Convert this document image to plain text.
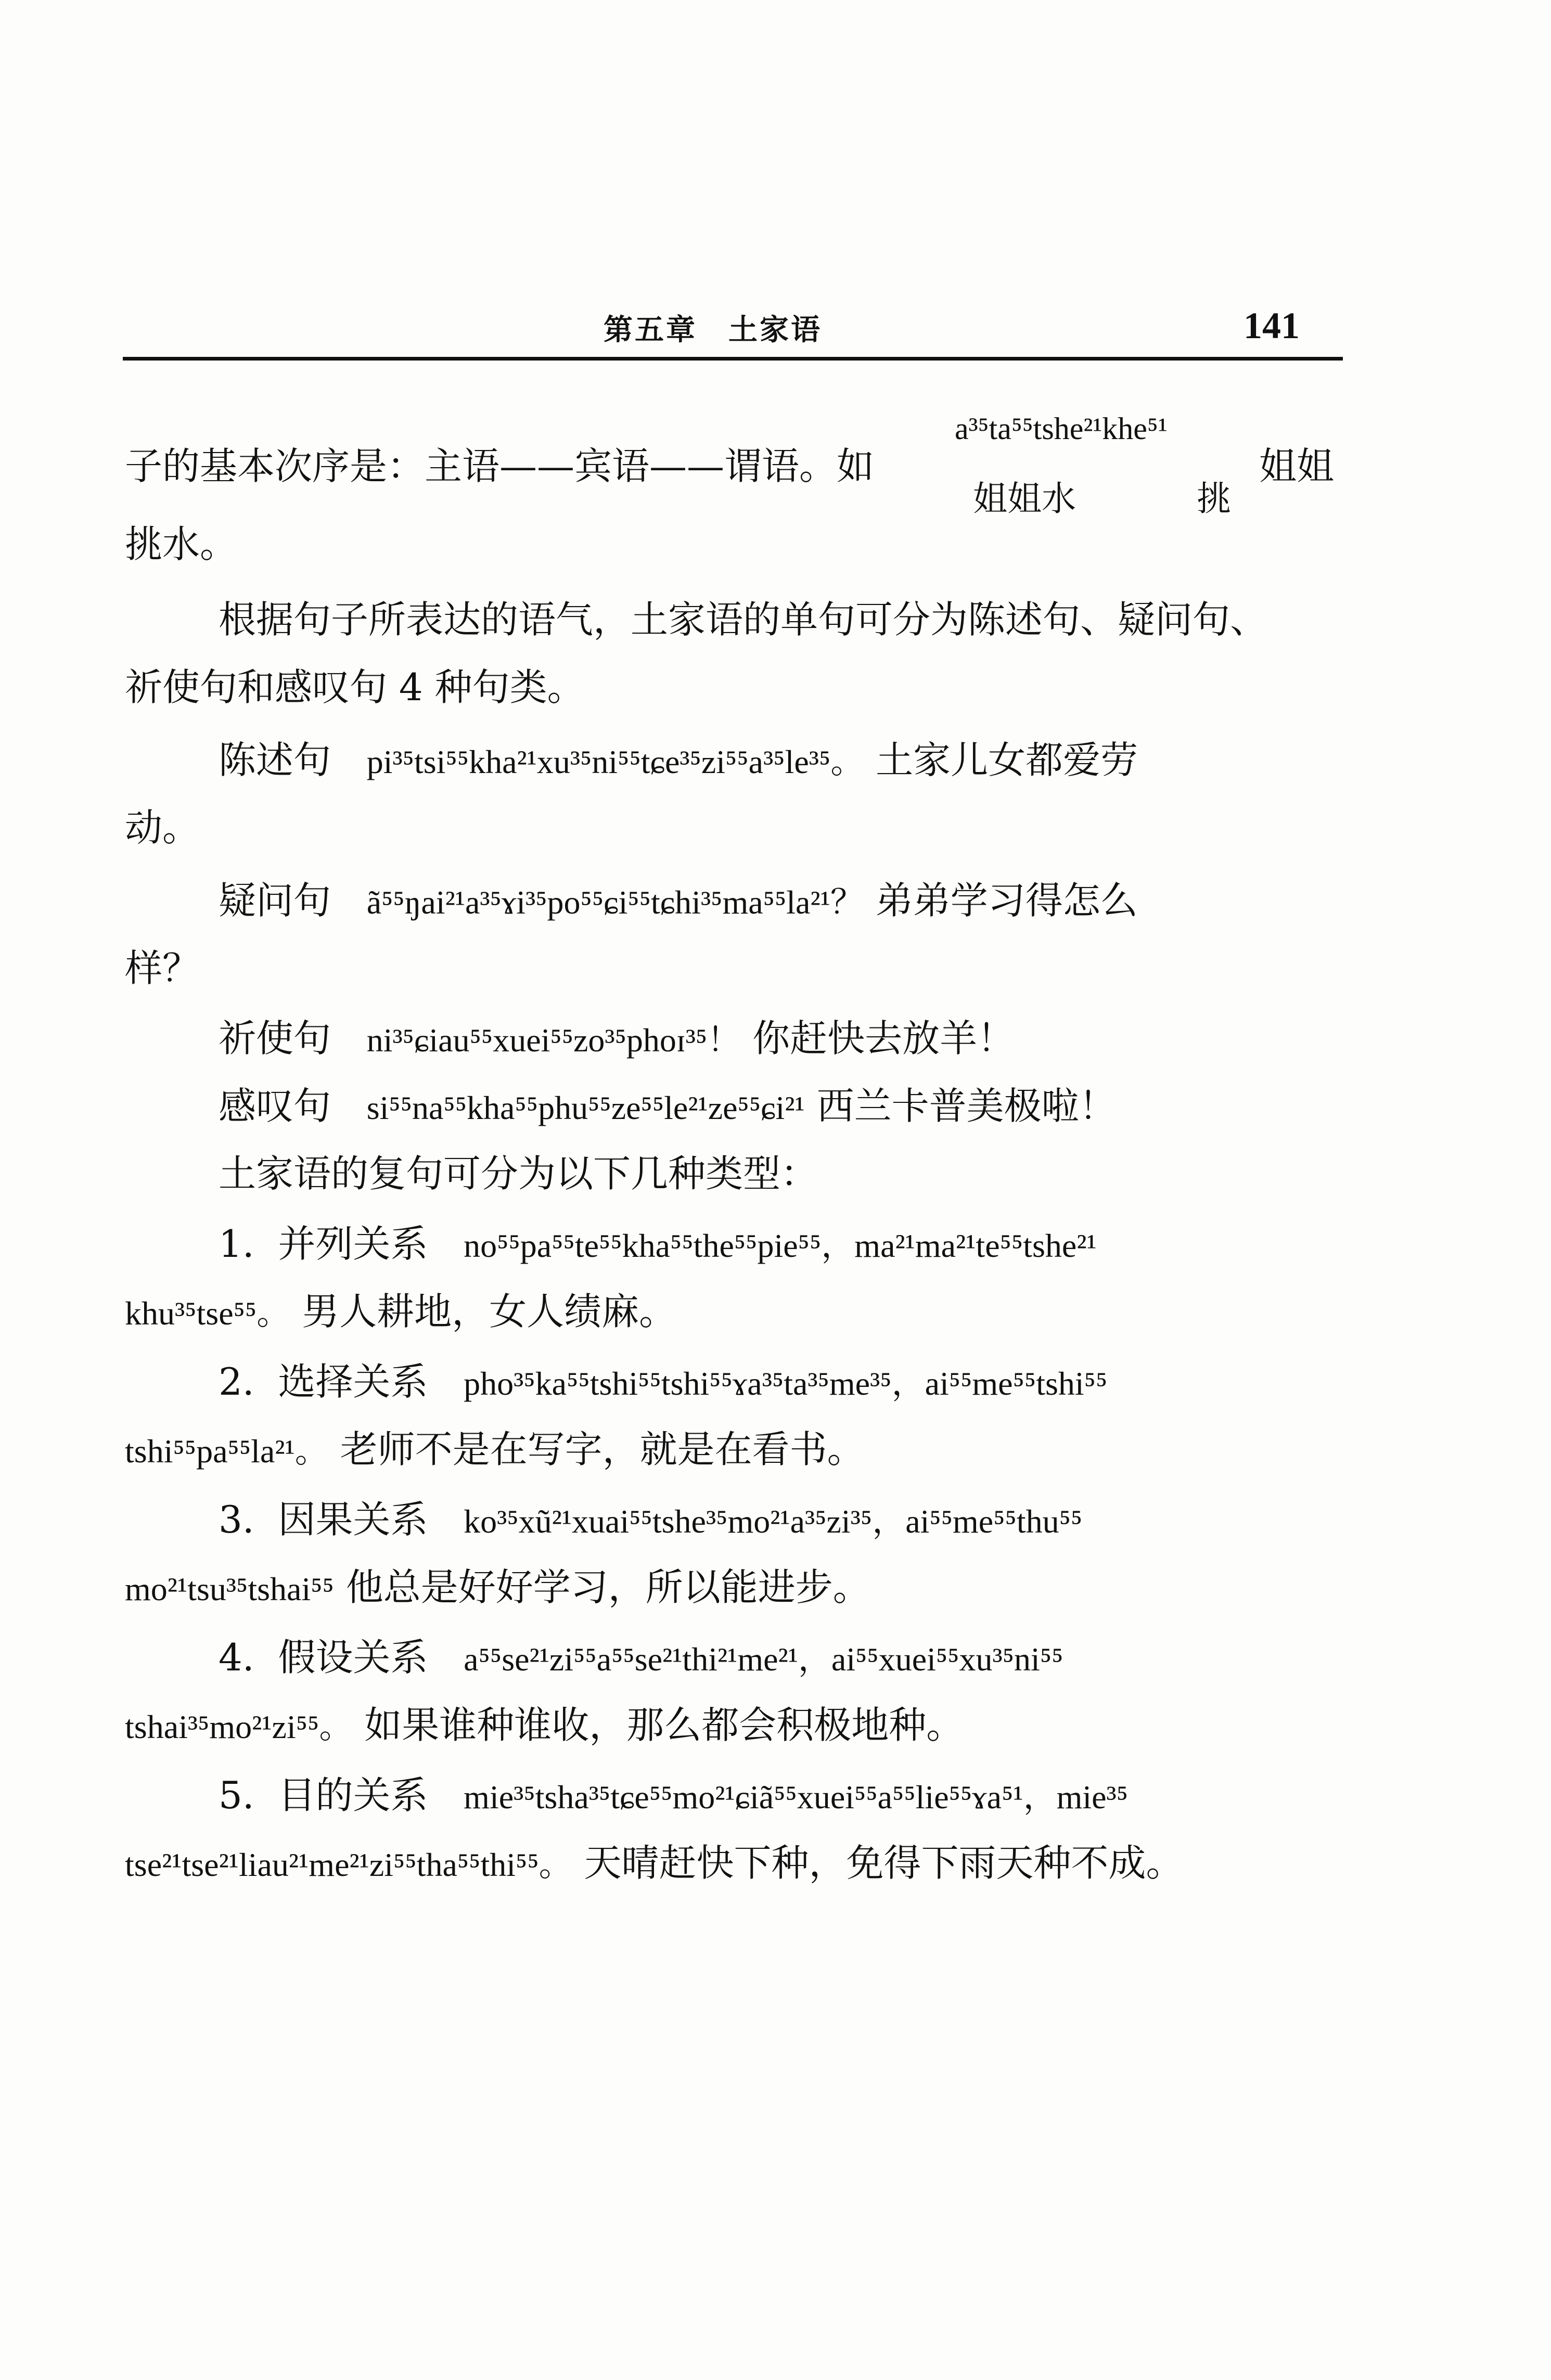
第五章　土家语	141
子的基本次序是：主语——宾语——谓语。如
a³⁵ta⁵⁵tshe²¹khe⁵¹
姐姐水	挑
姐姐
挑水。
根据句子所表达的语气，土家语的单句可分为陈述句、疑问句、
祈使句和感叹句 4 种句类。
陈述句 pi³⁵tsi⁵⁵kha²¹xu³⁵ni⁵⁵tɕe³⁵zi⁵⁵a³⁵le³⁵。 土家儿女都爱劳
动。
疑问句 ã⁵⁵ŋai²¹a³⁵ɤi³⁵po⁵⁵ɕi⁵⁵tɕhi³⁵ma⁵⁵la²¹？ 弟弟学习得怎么
样？
祈使句 ni³⁵ɕiau⁵⁵xuei⁵⁵zo³⁵phoɪ³⁵！ 你赶快去放羊！
感叹句 si⁵⁵na⁵⁵kha⁵⁵phu⁵⁵ze⁵⁵le²¹ze⁵⁵ɕi²¹ 西兰卡普美极啦！
土家语的复句可分为以下几种类型：
1. 并列关系 no⁵⁵pa⁵⁵te⁵⁵kha⁵⁵the⁵⁵pie⁵⁵，ma²¹ma²¹te⁵⁵tshe²¹
khu³⁵tse⁵⁵。 男人耕地，女人绩麻。
2. 选择关系 pho³⁵ka⁵⁵tshi⁵⁵tshi⁵⁵ɤa³⁵ta³⁵me³⁵，ai⁵⁵me⁵⁵tshi⁵⁵
tshi⁵⁵pa⁵⁵la²¹。 老师不是在写字，就是在看书。
3. 因果关系 ko³⁵xũ²¹xuai⁵⁵tshe³⁵mo²¹a³⁵zi³⁵，ai⁵⁵me⁵⁵thu⁵⁵
mo²¹tsu³⁵tshai⁵⁵ 他总是好好学习，所以能进步。
4. 假设关系 a⁵⁵se²¹zi⁵⁵a⁵⁵se²¹thi²¹me²¹，ai⁵⁵xuei⁵⁵xu³⁵ni⁵⁵
tshai³⁵mo²¹zi⁵⁵。 如果谁种谁收，那么都会积极地种。
5. 目的关系 mie³⁵tsha³⁵tɕe⁵⁵mo²¹ɕiã⁵⁵xuei⁵⁵a⁵⁵lie⁵⁵ɤa⁵¹，mie³⁵
tse²¹tse²¹liau²¹me²¹zi⁵⁵tha⁵⁵thi⁵⁵。 天晴赶快下种，免得下雨天种不成。
